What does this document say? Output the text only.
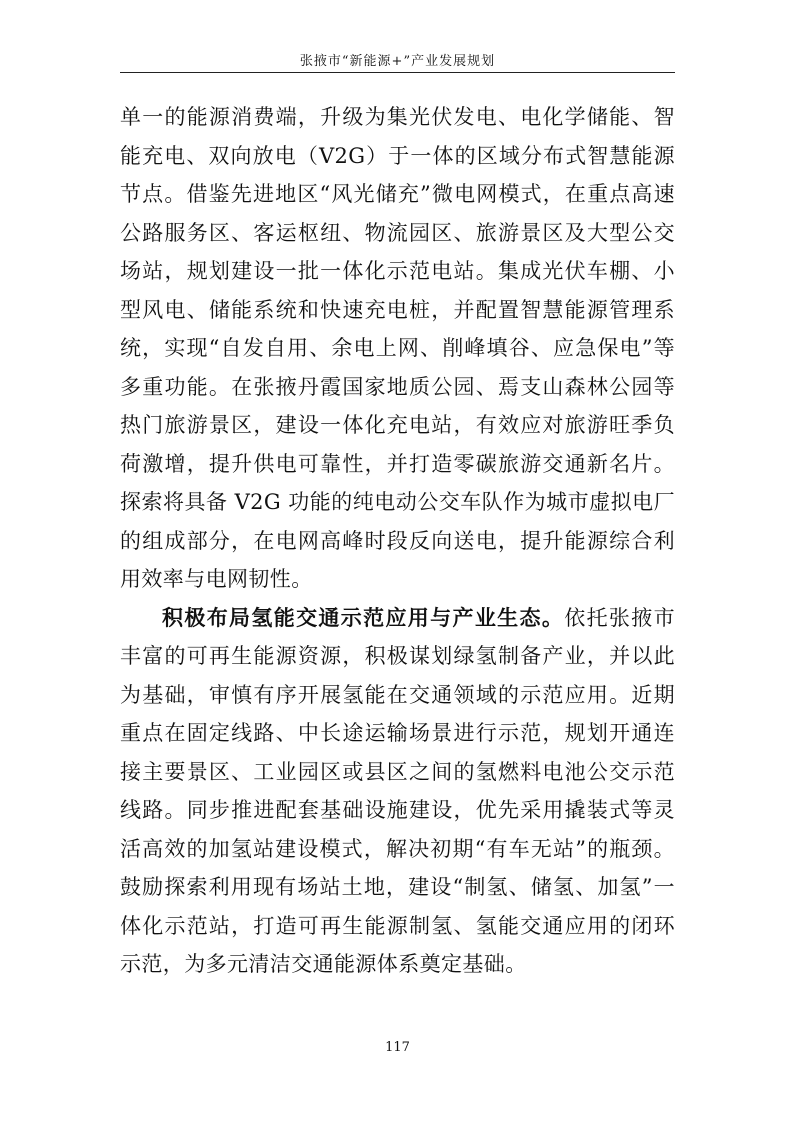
张掖市“新能源+”产业发展规划

单一的能源消费端，升级为集光伏发电、电化学储能、智能充电、双向放电（V2G）于一体的区域分布式智慧能源节点。借鉴先进地区“风光储充”微电网模式，在重点高速公路服务区、客运枢纽、物流园区、旅游景区及大型公交场站，规划建设一批一体化示范电站。集成光伏车棚、小型风电、储能系统和快速充电桩，并配置智慧能源管理系统，实现“自发自用、余电上网、削峰填谷、应急保电”等多重功能。在张掖丹霞国家地质公园、焉支山森林公园等热门旅游景区，建设一体化充电站，有效应对旅游旺季负荷激增，提升供电可靠性，并打造零碳旅游交通新名片。探索将具备 V2G 功能的纯电动公交车队作为城市虚拟电厂的组成部分，在电网高峰时段反向送电，提升能源综合利用效率与电网韧性。

积极布局氢能交通示范应用与产业生态。依托张掖市丰富的可再生能源资源，积极谋划绿氢制备产业，并以此为基础，审慎有序开展氢能在交通领域的示范应用。近期重点在固定线路、中长途运输场景进行示范，规划开通连接主要景区、工业园区或县区之间的氢燃料电池公交示范线路。同步推进配套基础设施建设，优先采用撬装式等灵活高效的加氢站建设模式，解决初期“有车无站”的瓶颈。鼓励探索利用现有场站土地，建设“制氢、储氢、加氢”一体化示范站，打造可再生能源制氢、氢能交通应用的闭环示范，为多元清洁交通能源体系奠定基础。

117
